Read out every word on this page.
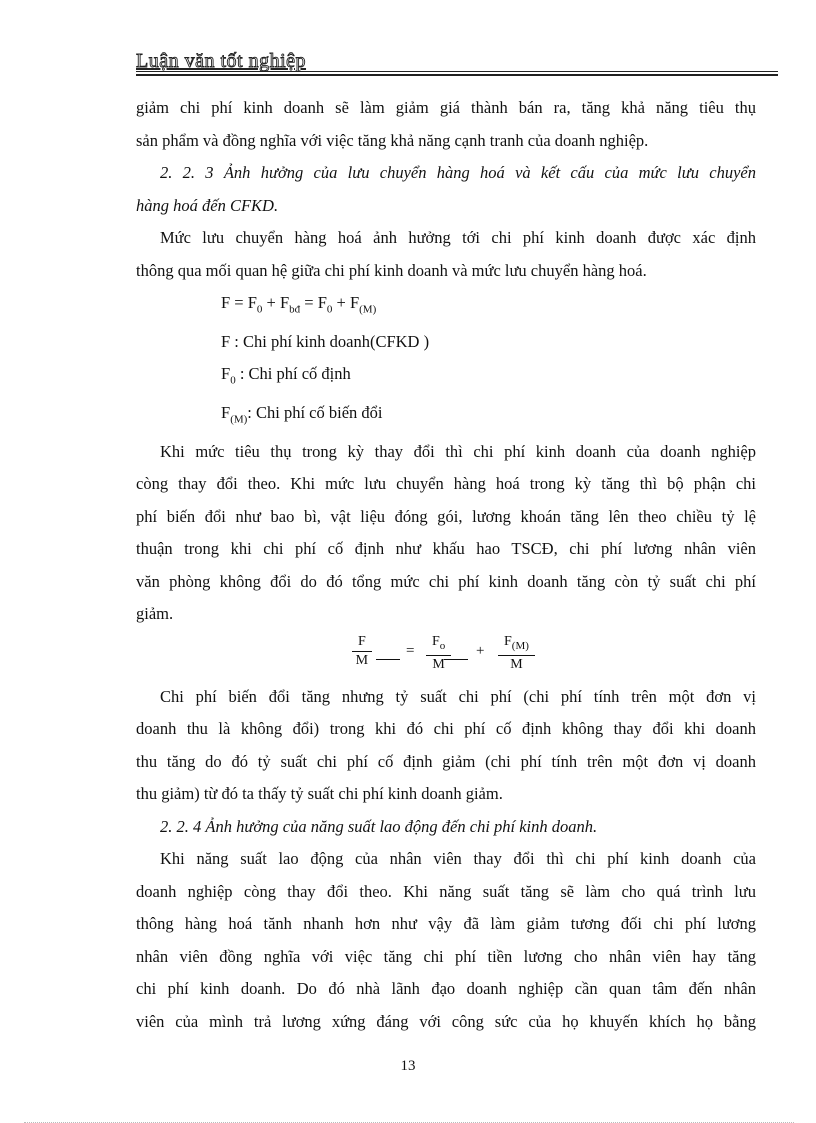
Luận văn tốt nghiệp

giảm chi phí kinh doanh sẽ làm giảm giá thành bán ra, tăng khả năng tiêu thụ

sản phẩm và đồng nghĩa với việc tăng khả năng cạnh tranh của doanh nghiệp.

2. 2. 3 Ảnh hưởng của lưu chuyển hàng hoá và kết cấu của mức lưu chuyển

hàng hoá đến CFKD.

Mức lưu chuyển hàng hoá ảnh hưởng tới chi phí kinh doanh được xác định

thông qua mối quan hệ giữa chi phí kinh doanh và mức lưu chuyển hàng hoá.

$F = F_0 + F_{bđ} = F_0 + F_{(M)}$

F : Chi phí kinh doanh(CFKD )

$F_0$ : Chi phí cố định

$F_{(M)}$: Chi phí cố biến đổi

Khi mức tiêu thụ trong kỳ thay đổi thì chi phí kinh doanh của doanh nghiệp

còng thay đổi theo. Khi mức lưu chuyển hàng hoá trong kỳ tăng thì bộ phận chi

phí biến đổi như bao bì, vật liệu đóng gói, lương khoán tăng lên theo chiều tỷ lệ

thuận trong khi chi phí cố định như khấu hao TSCĐ, chi phí lương nhân viên

văn phòng không đổi do đó tổng mức chi phí kinh doanh tăng còn tỷ suất chi phí

giảm.

$\frac{F}{M} = \frac{F_o}{M} + \frac{F_{(M)}}{M}$

Chi phí biến đổi tăng nhưng tỷ suất chi phí (chi phí tính trên một đơn vị

doanh thu là không đổi) trong khi đó chi phí cố định không thay đổi khi doanh

thu tăng do đó tỷ suất chi phí cố định giảm (chi phí tính trên một đơn vị doanh

thu giảm) từ đó ta thấy tỷ suất chi phí kinh doanh giảm.

2. 2. 4 Ảnh hưởng của năng suất lao động đến chi phí kinh doanh.

Khi năng suất lao động của nhân viên thay đổi thì chi phí kinh doanh của

doanh nghiệp còng thay đổi theo. Khi năng suất tăng sẽ làm cho quá trình lưu

thông hàng hoá tănh nhanh hơn như vậy đã làm giảm tương đối chi phí lương

nhân viên đồng nghĩa với việc tăng chi phí tiền lương cho nhân viên hay tăng

chi phí kinh doanh. Do đó nhà lãnh đạo doanh nghiệp cần quan tâm đến nhân

viên của mình trả lương xứng đáng với công sức của họ khuyến khích họ bằng

13
